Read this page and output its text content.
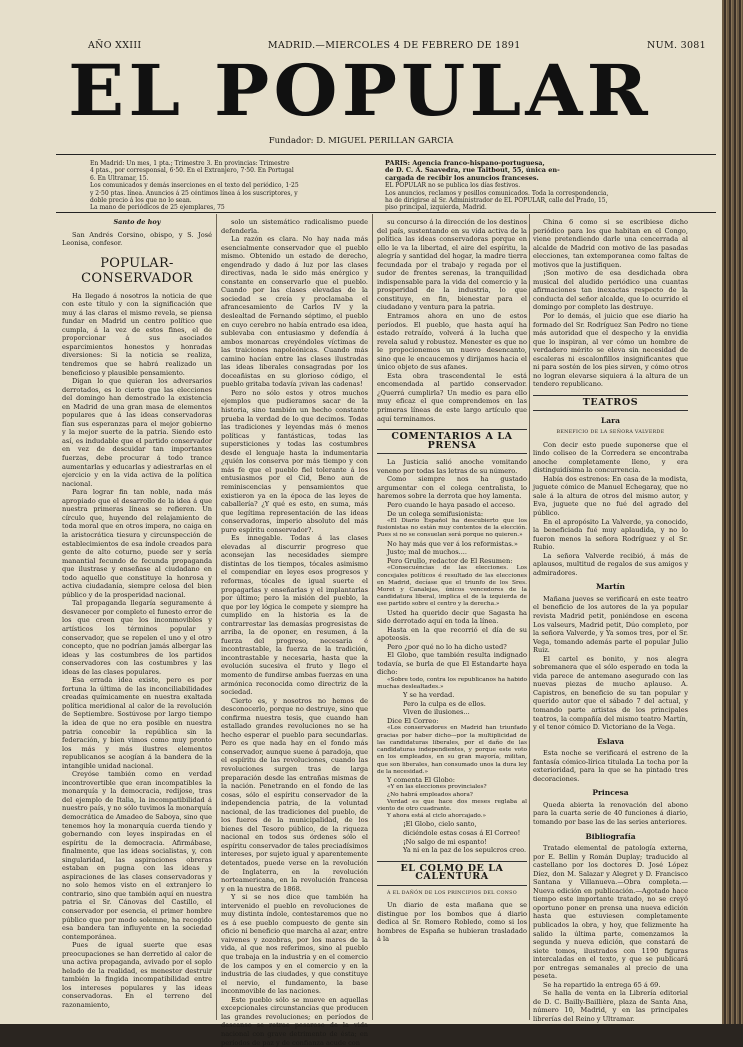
AÑO XXIII	MADRID.—MIERCOLES 4 DE FEBRERO DE 1891	NUM. 3081
EL POPULAR
Fundador: D. MIGUEL PERILLAN GARCIA
En Madrid: Un mes, 1 pta.; Trimestre 3. En provincias: Trimestre
4 ptas., por corresponsal, 6·50. En el Extranjero, 7·50. En Portugal
6. En Ultramar, 15.
Los comunicados y demás inserciones en el texto del periódico, 1·25
y 2·50 ptas. línea. Anuncios á 25 céntimos línea á los suscriptores, y
doble precio á los que no lo sean.
La mano de periódicos de 25 ejemplares, 75
PARIS: Agencia franco-hispano-portuguesa,
de D. C. A. Saavedra, rue Taitbout, 55, única en-
cargada de recibir los anuncios franceses.
EL POPULAR no se publica los días festivos.
Los anuncios, reclamos y pesillos comunicados. Toda la correspondencia,
ha de dirigirse al Sr. Administrador de EL POPULAR, calle del Prado, 15,
piso principal, izquierda, Madrid.
Santo de hoy

San Andrés Corsino, obispo, y S. José Leonisa, confesor.

POPULAR-CONSERVADOR

Ha llegado á nosotros la noticia de que con este título y con la significación que muy á las claras el mismo revela, se piensa fundar en Madrid un centro político que cumpla, á la vez de estos fines, el de proporcionar á sus asociados esparcimientos honestos y honradas diversiones: Si la noticia se realiza, tendremos que se habrá realizado un beneficioso y plausible pensamiento.

Digan lo que quieran los adversarios derrotados, es lo cierto que las elecciones del domingo han demostrado la existencia en Madrid de una gran masa de elementos populares que á las ideas conservadoras fían sus esperanzas para el mejor gobierno y la mejor suerte de la patria. Siendo esto así, es indudable que el partido conservador en vez de descuidar tan importantes fuerzas, debe procurar á todo trance aumentarlas y educarlas y adiestrarlas en el ejercicio y en la vida activa de la política nacional.

Para lograr fin tan noble, nada más apropiado que el desarrollo de la idea á que nuestra primeras líneas se refieren. Un círculo que, huyendo del relajamiento de toda moral que en otros impera, no caiga en la aristocrática tiesura y circunspección de establecimientos de esa índole creados para gente de alto coturno, puede ser y sería manantial fecundo de fecunda propaganda que ilustrase y enseñase al ciudadano en todo aquello que constituye la honrosa y activa ciudadanía, siempre celosa del bien público y de la prosperidad nacional.

Tal propaganda llegaría seguramente á desvanecer por completo el funesto error de los que creen que los inconmovibles y artísticos los términos popular y conservador, que se repelen el uno y el otro concepto, que no podrían jamás albergar las ideas y las costumbres de los partidos conservadores con las costumbres y las ideas de las clases populares.

Esa errada idea existe, pero es por fortuna la última de las inconciliabilidades creadas químicamente en nuestra exaltada política meridional al calor de la revolución de Septiembre. Sostúvose por largo tiempo la idea de que no era posible en nuestra patria concebir la república sin la federación, y bien vimos como muy pronto los más y más ilustres elementos republicanos se acogían á la bandera de la intangible unidad nacional.

Creyóse también como en verdad incontrovertible que eran incompatibles la monarquía y la democracia, redijose, tras del ejemplo de Italia, la incompatibilidad á nuestro país, y no sólo tuvimos la monarquía democrática de Amadeo de Saboya, sino que tenemos hoy la monarquía cuerda tiendo y gobernando con leyes inspiradas en el espíritu de la democracia. Afirmábase, finalmente, que las ideas socialistas, y, con singularidad, las aspiraciones obreras estaban en pugna con las ideas y aspiraciones de las clases conservadoras y no solo hemos visto en el extranjero lo contrario, sino que también aquí en nuestra patria el Sr. Cánovas del Castillo, el conservador por esencia, el primer hombre público que por modo solemne, ha recogido esa bandera tan influyente en la sociedad contemporánea.

Pues de igual suerte que esas preocupaciones se han derretido al calor de una activa propaganda, avivado por el soplo helado de la realidad, es menester destruir también la fingida incompatibilidad entre los intereses populares y las ideas conservadoras. En el terreno del razonamiento,

solo un sistemático radicalismo puede defenderla.

La razón es clara. No hay nada más esencialmente conservador que el pueblo mismo. Obtenido un estado de derecho, engendrado y dado á luz por las clases directivas, nada le sido más enérgico y constante en conservarlo que el pueblo. Cuando por las clases elevadas de la sociedad se creía y proclamaba el afrancesamiento de Carlos IV y la deslealtad de Fernando séptimo, el pueblo en cuyo cerebro no había entrado esa idea, sublevaba con entusiasmo y defendía á ambos monarcas creyéndoles víctimas de las traiciones napoleónicas. Cuando más camino hacían entre las clases ilustradas las ideas liberales consagradas por los doceañistas en su glorioso código, el pueblo gritaba todavía ¡vivan las cadenas!

Pero no sólo estos y otros muchos ejemplos que pudieramos sacar de la historia, sino también un hecho constante prueba la verdad de lo que decimos. Todas las tradiciones y leyendas más ó menos políticas y fantásticas, todas las supersticiones y todas las costumbres desde el lenguaje hasta la indumentaria ¿quién los conserva por más tiempo y con más fe que el pueblo fiel tolerante á los entusiasmos por el Cid, Beno aun de reminiscencias y pensamientos que existieron ya en la época de las leyes de caballería? ¿Y qué es esto, en suma, más que legítima representación de las ideas conservadoras, imperio absoluto del más puro espíritu conservador?.

Es innegable. Todas á las clases elevadas al discurrir progreso que aconsejan las necesidades siempre distintas de los tiempos, tócales asimismo el compendiar en leyes esos progresos y reformas, tócales de igual suerte el propagarlas y enseñarlas y el implantarlas por último; pero la misión del pueblo, la que por ley lógica le compete y siempre ha cumplido en la historia es la de contrarrestar las demasías progresistas de arriba, la de oponer, en resumen, á la fuerza del progreso, necesaria é incontrastable, la fuerza de la tradición, incontrastable y necesaria, hasta que la evolución sucesiva el fruto y llego el momento de fundirse ambas fuerzas en una armónica reconocida como directriz de la sociedad.

Cierto es, y nosotros no hemos de desconocerlo, porque no destruye, sino que confirma nuestra tesis, que cuando han estallado grandes revoluciones no se ha hecho esperar el pueblo para secundarlas. Pero es que nada hay en el fondo más conservador, aunque suene á paradoja, que el espíritu de las revoluciones, cuando las revoluciones surgen tras de larga preparación desde las entrañas mismas de la nación. Penetrando en el fondo de las cosas, sólo el espíritu conservador de la independencia patria, de la voluntad nacional, de las tradiciones del pueblo, de los fueros de la municipalidad, de los bienes del Tesoro público, de la riqueza nacional en todos sus órdenes sólo el espíritu conservador de tales preciadísimos intereses, por sujeto igual y aparentemente detentados, puede verse en la revolución de Inglaterra, en la revolución norteamericana, en la revolución francesa y en la nuestra de 1868.

Y si se nos dice que también ha intervenido el pueblo en revoluciones de muy distinta índole, contestaremos que no es á ese pueblo compuesto de gente sin oficio ni beneficio que marcha al azar, entre vaivenes y zozobras, por los mares de la vida, al que nos referimos, sino al pueblo que trabaja en la industria y en el comercio de los campos y en el comercio y en la industria de las ciudades, y que constituye el nervio, el fundamento, la base inconmovible de las naciones.

Este pueblo sólo se mueve en aquellas excepcionales circunstancias que producen las grandes revoluciones; en períodos de descanso se retrae pesaroso de la vida nacional con grave detrimento de ésta; en períodos de paz y de confianza acude con

su concurso á la dirección de los destinos del país, sustentando en su vida activa de la política las ideas conservadoras porque en ello le va la libertad, el aire del espíritu, la alegría y santidad del hogar, la madre tierra fecundada por el trabajo y regada por el sudor de frentes serenas, la tranquilidad indispensable para la vida del comercio y la prosperidad de la industria, lo que constituye, en fin, bienestar para el ciudadano y ventura para la patria.

Entramos ahora en uno de estos períodos. El pueblo, que hasta aquí ha estado retraído, volverá á la lucha que revela salud y robustez. Menester es que no le propocionemos un nuevo desencanto, sino que le encaucemos y dirijamos hacia el único objeto de sus afanes.

Esta obra trascendental le está encomendada al partido conservador. ¿Querrá cumplirla? Un medio es para ello muy eficaz el que comprendemos en las primeras líneas de este largo artículo que aquí terminamos.

COMENTARIOS A LA PRENSA

La Justicia salió anoche vomitando veneno por todas las letras de su número.

Como siempre nos ha gustado argumentar con el colega centralista, lo haremos sobre la derrota que hoy lamenta.

Pero cuando le haya pasado el acceso.

De un colega semifusionista:

«El Diario Español ha descubierto que los fusionistas no están muy contentos de la elección. Pues si no se consuelan será porque no quieren.»

No hay más que ver á los reformistas.»

Justo; mal de muchos....

Pero Grullo, redactor de El Resumen:

«Consecuéncias de las elecciones. Los concejales políticos é resultado de las elecciones en Madrid, decíase que el triunfo de los Sres. Moret y Canalejas, únicos vencedores de la candidatura liberal, implica el de la izquierda de ese partido sobre el centro y la derecha.»

Usted ha querido decir que Sagasta ha sido derrotado aquí en toda la línea.

Hasta en la que recorrió el día de su apoteosis.

Pero ¿por qué no lo ha dicho usted?

El Globo, que también resulta indignado todavía, se burla de que El Estandarte haya dicho:

«Sobre todo, contra los republicanos ha habido muchas deslealtades.»

Y se ha verdad.

Pero la culpa es de ellos.

Viven de ilusiones...

Dice El Correo:

«Los conservadores en Madrid han triunfado gracias por haber dicho—por la multiplicidad de las candidaturas liberales, por el daño de las candidaturas independientes, y porque este voto en los empleados, en su gran mayoría, militan, que son liberales, han consumado unos la dura ley de la necesidad.»

Y comenta El Globo:

«Y en las elecciones provinciales?

¿No habrá empleados ahora?

Verdad es que hace dos meses reglaba al viento de otro cuadrante.

Y ahora está al ciclo ahorcajado.»

¡El Globo, cielo santo,

diciéndole estas cosas á El Correo!

¡No salgo de mi espanto!

Ya ni en la paz de los sepulcros creo.

EL COLMO DE LA CALENTURA
Á EL DAÑÓN DE LOS PRINCIPIOS DEL CONSO

Un diario de esta mañana que se distingue por los bombos que á diario dedica al Sr. Romero Robledo, como si los hombres de España se hubieran trasladado á la

China 6 como si se escribiese dicho periódico para los que habitan en el Congo, viene pretendiendo darle una cencerrada al alcalde de Madrid con motivo de las pasadas elecciones, tan extemporanea como faltas de motivos que la justifiquen.

¡Son motivo de esa desdichada obra musical del aludido periódico una cuantas afirmaciones tan inexactas respecto de la conducta del señor alcalde, que lo ocurrido el domingo por completo las destruye.

Por lo demás, el juicio que ese diario ha formado del Sr. Rodríguez San Pedro no tiene más autoridad que el despecho y la envidia que lo inspiran, al ver cómo un hombre de verdadero mérito se eleva sin necesidad de escaleras ni escalonfillos insignificantes que ni para sostén de los pies sirven, y cómo otros no logran elevarse siquiera á la altura de un tendero republicano.

TEATROS
Lara
BENEFICIO DE LA SEÑORA VALVERDE

Con decir esto puede suponerse que el lindo coliseo de la Corredera se encontraba anoche completamente lleno, y era distinguidísima la concurrencia.

Había dos estrenos: En casa de la modista, juguete cómico de Manuel Echegaray, que no sale á la altura de otros del mismo autor, y Eva, juguete que no fué del agrado del público.

En el apropósito La Valverde, ya conocido, la beneficiada fué muy aplaudida, y no lo fueron menos la señora Rodríguez y el Sr. Rubio.

La señora Valverde recibió, á más de aplausos, multitud de regalos de sus amigos y admiradores.

Martín

Mañana jueves se verificará en este teatro el beneficio de los autores de la ya popular revista Madrid petit, poniéndose en escena Los valseurs, Madrid petit, Dúo completo, por la señora Valverde, y Ya somos tres, por el Sr. Vega, tomando además parte el popular Julio Ruiz.

El cartel es bonito, y nos alegra sobremanera que el sólo esperado en toda la vida parece de antemano asegurado con las nuevas piezas de mucho aplauso. A. Capistros, en beneficio de su tan popular y querido autor que el sábado 7 del actual, y tomando parte artistas de los principales teatros, la compañía del mismo teatro Martín, y el tenor cómico D. Victoriano de la Vega.

Eslava

Esta noche se verificará el estreno de la fantasía cómico-lírica titulada La tocha por la exterioridad, para la que se ha pintado tres decoraciones.

Princesa

Queda abierta la renovación del abono para la cuarta serie de 40 funciones á diario, tomando por base las de las series anteriores.

Bibliografía

Tratado elemental de patología externa, por E. Bellin y Román Duplay; traducido al castellano por los doctores D. José López Díez, don M. Salazar y Alegret y D. Francisco Santana y Villanueva.—Obra completa.—Nueva edición en publicación.—Agotado hace tiempo este importante tratado, no se creyó oportuno poner en prensa una nueva edición hasta que estuviesen completamente publicados la obra, y hoy, que felizmente ha salido la última parte, comenzamos la segunda y nueva edición, que constará de siete tomos, ilustrados con 1190 figuras intercaladas en el texto, y que se publicará por entregas semanales al precio de una peseta.

Se ha repartido la entrega 65 á 69.

Se halla de venta en la Librería editorial de D. C. Bailly-Baillière, plaza de Santa Ana, número 10, Madrid, y en las principales librerías del Reino y Ultramar.
